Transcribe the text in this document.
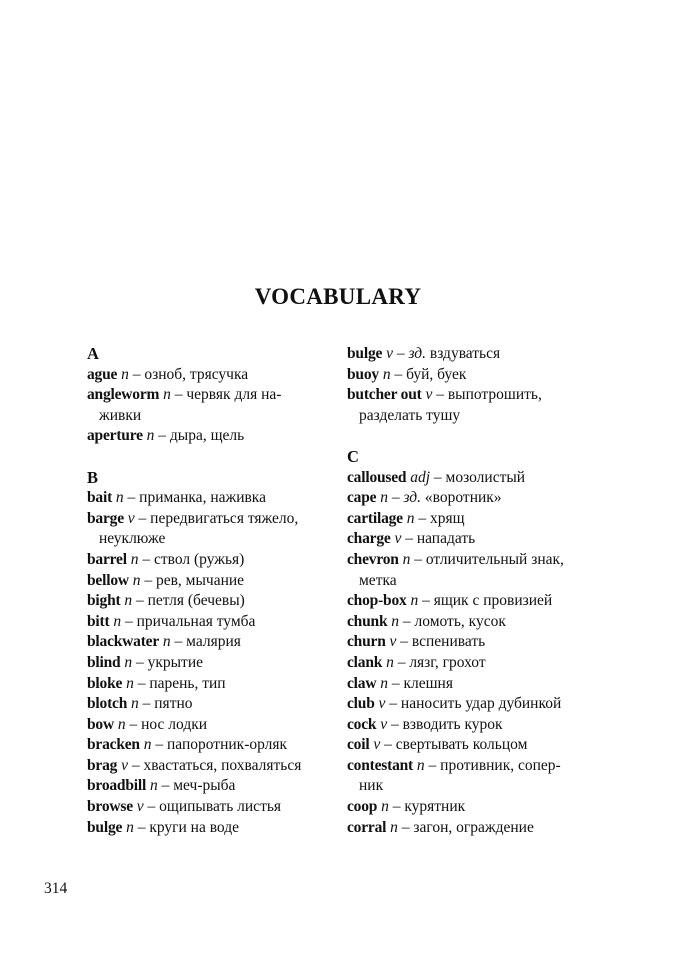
VOCABULARY
A
ague n – озноб, трясучка
angleworm n – червяк для на-
живки
aperture n – дыра, щель
B
bait n – приманка, наживка
barge v – передвигаться тяжело,
неуклюже
barrel n – ствол (ружья)
bellow n – рев, мычание
bight n – петля (бечевы)
bitt n – причальная тумба
blackwater n – малярия
blind n – укрытие
bloke n – парень, тип
blotch n – пятно
bow n – нос лодки
bracken n – папоротник-орляк
brag v – хвастаться, похваляться
broadbill n – меч-рыба
browse v – ощипывать листья
bulge n – круги на воде
bulge v – зд. вздуваться
buoy n – буй, буек
butcher out v – выпотрошить,
разделать тушу
C
calloused adj – мозолистый
cape n – зд. «воротник»
cartilage n – хрящ
charge v – нападать
chevron n – отличительный знак,
метка
chop-box n – ящик с провизией
chunk n – ломоть, кусок
churn v – вспенивать
clank n – лязг, грохот
claw n – клешня
club v – наносить удар дубинкой
cock v – взводить курок
coil v – свертывать кольцом
contestant n – противник, сопер-
ник
coop n – курятник
corral n – загон, ограждение
314
